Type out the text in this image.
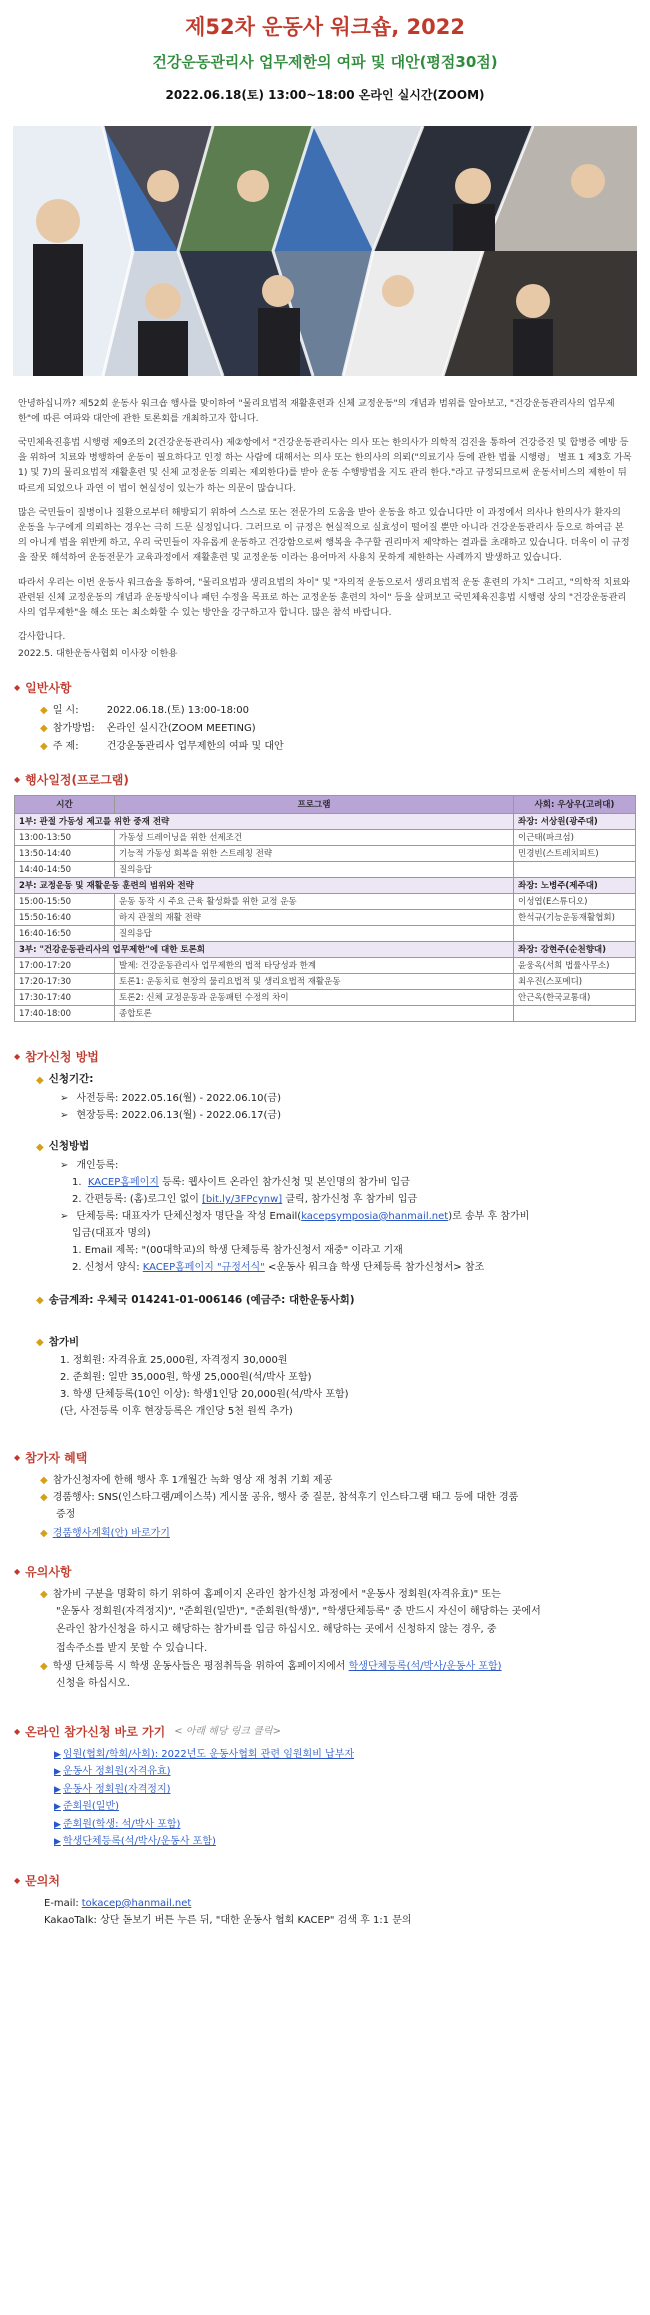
제52차 운동사 워크숍, 2022
건강운동관리사 업무제한의 여파 및 대안(평점30점)
2022.06.18(토) 13:00~18:00 온라인 실시간(ZOOM)

안녕하십니까? 제52회 운동사 워크숍 행사를 맞이하여 "물리요법적 재활훈련과 신체 교정운동"의 개념과 범위를 알아보고, "건강운동관리사의 업무제한"에 따른 여파와 대안에 관한 토론회를 개최하고자 합니다.

국민체육진흥법 시행령 제9조의 2(건강운동관리사) 제②항에서 "건강운동관리사는 의사 또는 한의사가 의학적 검진을 통하여 건강증진 및 합병증 예방 등을 위하여 치료와 병행하여 운동이 필요하다고 인정 하는 사람에 대해서는 의사 또는 한의사의 의뢰("의료기사 등에 관한 법률 시행령」 별표 1 제3호 가목1) 및 7)의 물리요법적 재활훈련 및 신체 교정운동 의뢰는 제외한다)를 받아 운동 수행방법을 지도 관리 한다."라고 규정되므로써 운동서비스의 제한이 뒤따르게 되었으나 과연 이 법이 현실성이 있는가 하는 의문이 많습니다.

많은 국민들이 질병이나 질환으로부터 해방되기 위하여 스스로 또는 전문가의 도움을 받아 운동을 하고 있습니다만 이 과정에서 의사나 한의사가 환자의 운동을 누구에게 의뢰하는 경우는 극히 드문 실정입니다. 그러므로 이 규정은 현실적으로 실효성이 떨어질 뿐만 아니라 건강운동관리사 등으로 하여금 본의 아니게 법을 위반케 하고, 우리 국민들이 자유롭게 운동하고 건강함으로써 행복을 추구할 권리마저 제약하는 결과를 초래하고 있습니다. 더욱이 이 규정을 잘못 해석하여 운동전문가 교육과정에서 재활훈련 및 교정운동 이라는 용어마저 사용치 못하게 제한하는 사례까지 발생하고 있습니다.

따라서 우리는 이번 운동사 워크숍을 통하여, "물리요법과 생리요법의 차이" 및 "자의적 운동으로서 생리요법적 운동 훈련의 가치" 그리고, "의학적 치료와 관련된 신체 교정운동의 개념과 운동방식이나 패턴 수정을 목표로 하는 교정운동 훈련의 차이" 등을 살펴보고 국민체육진흥법 시행령 상의 "건강운동관리사의 업무제한"을 해소 또는 최소화할 수 있는 방안을 강구하고자 합니다. 많은 참석 바랍니다.

감사합니다.
2022.5. 대한운동사협회 이사장 이한용
◆ 일반사항
◆ 일 시:	2022.06.18.(토) 13:00-18:00
◆ 참가방법:	온라인 실시간(ZOOM MEETING)
◆ 주 제:	건강운동관리사 업무제한의 여파 및 대안
◆ 행사일정(프로그램)
시간	프로그램	사회: 우상우(고려대)
1부: 관절 가동성 제고를 위한 중재 전략		좌장: 서상원(광주대)
13:00-13:50	가동성 드레이닝을 위한 선제조건	이근태(파크섬)
13:50-14:40	기능적 가동성 회복을 위한 스트레칭 전략	민경빈(스트레치피트)
14:40-14:50	질의응답	
2부: 교정운동 및 재활운동 훈련의 범위와 전략		좌장: 노병주(제주대)
15:00-15:50	운동 동작 시 주요 근육 활성화를 위한 교정 운동	이성엽(E스튜디오)
15:50-16:40	하지 관절의 재활 전략	한석규(기능운동재활협회)
16:40-16:50	질의응답	
3부: "건강운동관리사의 업무제한"에 대한 토론회		좌장: 강현주(순천향대)
17:00-17:20	발제: 건강운동관리사 업무제한의 법적 타당성과 한계	윤웅옥(서희 법률사무소)
17:20-17:30	토론1: 운동치료 현장의 물리요법적 및 생리요법적 재활운동	최우진(스포메디)
17:30-17:40	토론2: 신체 교정운동과 운동패턴 수정의 차이	안근옥(한국교통대)
17:40-18:00	종합토론	
◆ 참가신청 방법
◆ 신청기간:
➢ 사전등록: 2022.05.16(월) - 2022.06.10(금)
➢ 현장등록: 2022.06.13(월) - 2022.06.17(금)
◆ 신청방법
➢ 개인등록:
1.  KACEP홈페이지 등록: 웹사이트 온라인 참가신청 및 본인명의 참가비 입금
2. 간편등록: (홈)로그인 없이 [bit.ly/3FPcynw] 클릭, 참가신청 후 참가비 입금
➢ 단체등록: 대표자가 단체신청자 명단을 작성 Email(kacepsymposia@hanmail.net)로 송부 후 참가비
입금(대표자 명의)
1. Email 제목: "(00대학교)의 학생 단체등록 참가신청서 재중" 이라고 기재
2. 신청서 양식: KACEP홈페이지 "규정서식" <운동사 워크숍 학생 단체등록 참가신청서> 참조
◆ 송금계좌: 우체국 014241-01-006146 (예금주: 대한운동사회)
◆ 참가비
1. 정회원: 자격유효 25,000원, 자격정지 30,000원
2. 준회원: 일반 35,000원, 학생 25,000원(석/박사 포함)
3. 학생 단체등록(10인 이상): 학생1인당 20,000원(석/박사 포함)
(단, 사전등록 이후 현장등록은 개인당 5천 원씩 추가)
◆ 참가자 혜택
◆ 참가신청자에 한해 행사 후 1개월간 녹화 영상 재 청취 기회 제공
◆ 경품행사: SNS(인스타그램/페이스북) 게시물 공유, 행사 중 질문, 참석후기 인스타그램 태그 등에 대한 경품
증정
◆ 경품행사계획(안) 바로가기
◆ 유의사항
◆ 참가비 구분을 명확히 하기 위하여 홈페이지 온라인 참가신청 과정에서 "운동사 정회원(자격유효)" 또는
"운동사 정회원(자격정지)", "준회원(일반)", "준회원(학생)", "학생단체등록" 중 반드시 자신이 해당하는 곳에서
온라인 참가신청을 하시고 해당하는 참가비를 입금 하십시오. 해당하는 곳에서 신청하지 않는 경우, 중
접속주소를 받지 못할 수 있습니다.
◆ 학생 단체등록 시 학생 운동사들은 평점취득을 위하여 홈페이지에서 학생단체등록(석/박사/운동사 포함)
신청을 하십시오.
◆ 온라인 참가신청 바로 가기 < 아래 해당 링크 클릭>
▶ 임원(협회/학회/사회): 2022년도 운동사협회 관련 임원회비 납부자
▶ 운동사 정회원(자격유효)
▶ 운동사 정회원(자격정지)
▶ 준회원(일반)
▶ 준회원(학생: 석/박사 포함)
▶ 학생단체등록(석/박사/운동사 포함)
◆ 문의처
E-mail: tokacep@hanmail.net
KakaoTalk: 상단 돋보기 버튼 누른 뒤, "대한 운동사 협회 KACEP" 검색 후 1:1 문의
